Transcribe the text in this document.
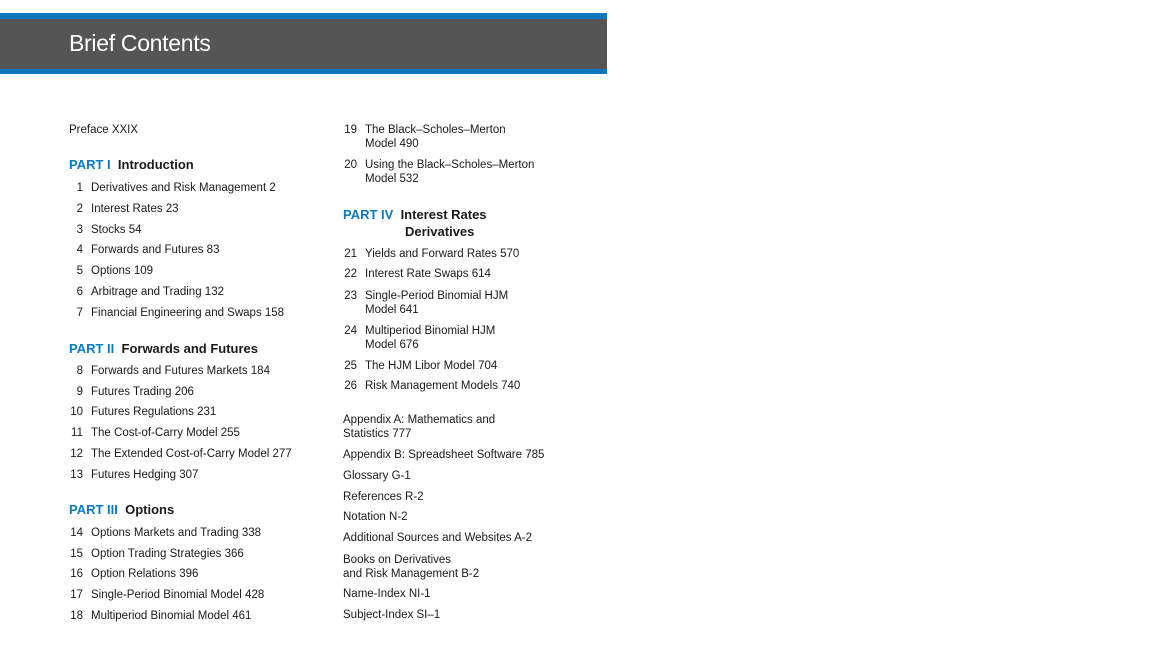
Brief Contents
Preface XXIX
PART I Introduction
1 Derivatives and Risk Management 2
2 Interest Rates 23
3 Stocks 54
4 Forwards and Futures 83
5 Options 109
6 Arbitrage and Trading 132
7 Financial Engineering and Swaps 158
PART II Forwards and Futures
8 Forwards and Futures Markets 184
9 Futures Trading 206
10 Futures Regulations 231
11 The Cost-of-Carry Model 255
12 The Extended Cost-of-Carry Model 277
13 Futures Hedging 307
PART III Options
14 Options Markets and Trading 338
15 Option Trading Strategies 366
16 Option Relations 396
17 Single-Period Binomial Model 428
18 Multiperiod Binomial Model 461
19 The Black–Scholes–Merton
Model 490
20 Using the Black–Scholes–Merton
Model 532
PART IV Interest Rates
Derivatives
21 Yields and Forward Rates 570
22 Interest Rate Swaps 614
23 Single-Period Binomial HJM
Model 641
24 Multiperiod Binomial HJM
Model 676
25 The HJM Libor Model 704
26 Risk Management Models 740
Appendix A: Mathematics and
Statistics 777
Appendix B: Spreadsheet Software 785
Glossary G-1
References R-2
Notation N-2
Additional Sources and Websites A-2
Books on Derivatives
and Risk Management B-2
Name-Index NI-1
Subject-Index SI–1
